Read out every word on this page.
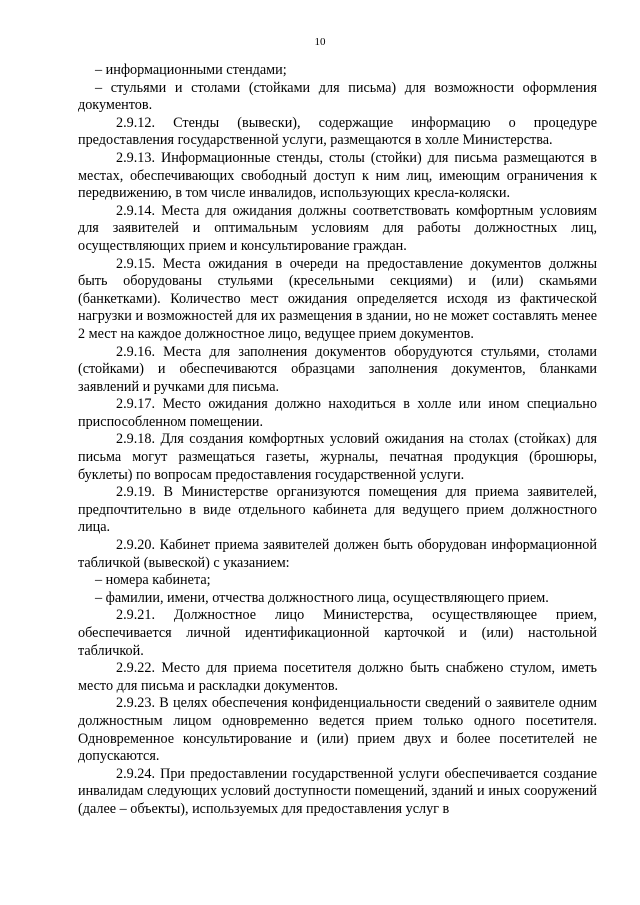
10

– информационными стендами;

– стульями и столами (стойками для письма) для возможности оформления документов.

2.9.12. Стенды (вывески), содержащие информацию о процедуре предоставления государственной услуги, размещаются в холле Министерства.

2.9.13. Информационные стенды, столы (стойки) для письма размещаются в местах, обеспечивающих свободный доступ к ним лиц, имеющим ограничения к передвижению, в том числе инвалидов, использующих кресла-коляски.

2.9.14. Места для ожидания должны соответствовать комфортным условиям для заявителей и оптимальным условиям для работы должностных лиц, осуществляющих прием и консультирование граждан.

2.9.15. Места ожидания в очереди на предоставление документов должны быть оборудованы стульями (кресельными секциями) и (или) скамьями (банкетками). Количество мест ожидания определяется исходя из фактической нагрузки и возможностей для их размещения в здании, но не может составлять менее 2 мест на каждое должностное лицо, ведущее прием документов.

2.9.16. Места для заполнения документов оборудуются стульями, столами (стойками) и обеспечиваются образцами заполнения документов, бланками заявлений и ручками для письма.

2.9.17. Место ожидания должно находиться в холле или ином специально приспособленном помещении.

2.9.18. Для создания комфортных условий ожидания на столах (стойках) для письма могут размещаться газеты, журналы, печатная продукция (брошюры, буклеты) по вопросам предоставления государственной услуги.

2.9.19. В Министерстве организуются помещения для приема заявителей, предпочтительно в виде отдельного кабинета для ведущего прием должностного лица.

2.9.20. Кабинет приема заявителей должен быть оборудован информационной табличкой (вывеской) с указанием:

– номера кабинета;

– фамилии, имени, отчества должностного лица, осуществляющего прием.

2.9.21. Должностное лицо Министерства, осуществляющее прием, обеспечивается личной идентификационной карточкой и (или) настольной табличкой.

2.9.22. Место для приема посетителя должно быть снабжено стулом, иметь место для письма и раскладки документов.

2.9.23. В целях обеспечения конфиденциальности сведений о заявителе одним должностным лицом одновременно ведется прием только одного посетителя. Одновременное консультирование и (или) прием двух и более посетителей не допускаются.

2.9.24. При предоставлении государственной услуги обеспечивается создание инвалидам следующих условий доступности помещений, зданий и иных сооружений (далее – объекты), используемых для предоставления услуг в
